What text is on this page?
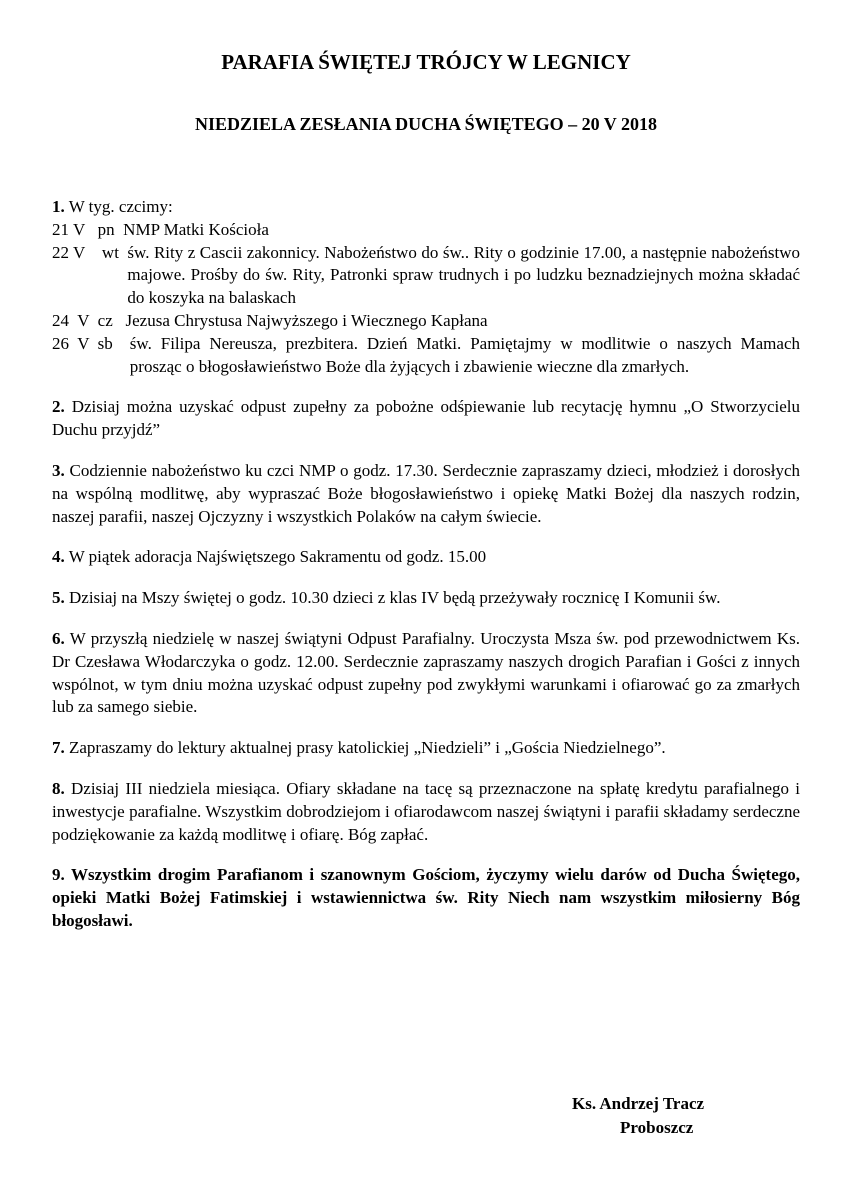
PARAFIA ŚWIĘTEJ TRÓJCY W LEGNICY
NIEDZIELA ZESŁANIA DUCHA ŚWIĘTEGO – 20 V 2018

1. W tyg. czcimy:

21 V   pn NMP Matki Kościoła
22 V    wt św. Rity z Cascii zakonnicy. Nabożeństwo do św.. Rity o godzinie 17.00, a następnie nabożeństwo majowe. Prośby do św. Rity, Patronki spraw trudnych i po ludzku beznadziejnych można składać do koszyka na balaskach
24  V  cz Jezusa Chrystusa Najwyższego i Wiecznego Kapłana
26  V  sb św. Filipa Nereusza, prezbitera. Dzień Matki. Pamiętajmy w modlitwie o naszych Mamach prosząc o błogosławieństwo Boże dla żyjących i zbawienie wieczne dla zmarłych.

2. Dzisiaj można uzyskać odpust zupełny za pobożne odśpiewanie lub recytację hymnu „O Stworzycielu Duchu przyjdź”

3. Codziennie nabożeństwo ku czci NMP o godz. 17.30. Serdecznie zapraszamy dzieci, młodzież i dorosłych na wspólną modlitwę, aby wypraszać Boże błogosławieństwo i opiekę Matki Bożej dla naszych rodzin, naszej parafii, naszej Ojczyzny i wszystkich Polaków na całym świecie.

4. W piątek adoracja Najświętszego Sakramentu od godz. 15.00

5. Dzisiaj na Mszy świętej o godz. 10.30 dzieci z klas IV będą przeżywały rocznicę I Komunii św.

6. W przyszłą niedzielę w naszej świątyni Odpust Parafialny. Uroczysta Msza św. pod przewodnictwem Ks. Dr Czesława Włodarczyka o godz. 12.00. Serdecznie zapraszamy naszych drogich Parafian i Gości z innych wspólnot, w tym dniu można uzyskać odpust zupełny pod zwykłymi warunkami i ofiarować go za zmarłych lub za samego siebie.

7. Zapraszamy do lektury aktualnej prasy katolickiej „Niedzieli” i „Gościa Niedzielnego”.

8. Dzisiaj III niedziela miesiąca. Ofiary składane na tacę są przeznaczone na spłatę kredytu parafialnego i inwestycje parafialne. Wszystkim dobrodziejom i ofiarodawcom naszej świątyni i parafii składamy serdeczne podziękowanie za każdą modlitwę i ofiarę. Bóg zapłać.

9. Wszystkim drogim Parafianom i szanownym Gościom, życzymy wielu darów od Ducha Świętego, opieki Matki Bożej Fatimskiej i wstawiennictwa św. Rity Niech nam wszystkim miłosierny Bóg błogosławi.

Ks. Andrzej Tracz
Proboszcz
